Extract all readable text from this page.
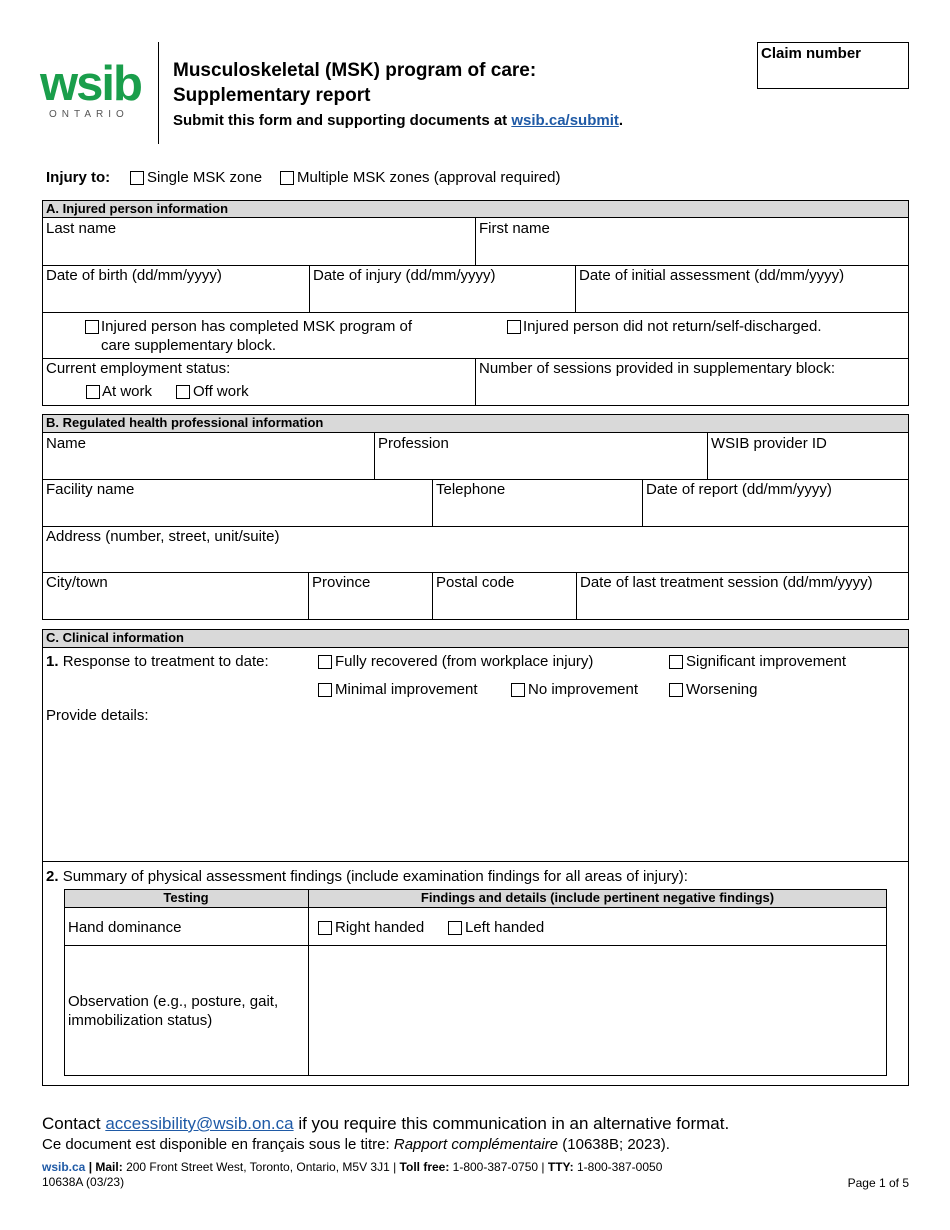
wsib
ONTARIO
Musculoskeletal (MSK) program of care:
Supplementary report
Submit this form and supporting documents at wsib.ca/submit.
Claim number
Injury to: Single MSK zone Multiple MSK zones (approval required)
A. Injured person information
Last name	First name
Date of birth (dd/mm/yyyy)	Date of injury (dd/mm/yyyy)	Date of initial assessment (dd/mm/yyyy)
Injured person has completed MSK program of
care supplementary block.
Injured person did not return/self-discharged.
Current employment status:
At work	Off work
Number of sessions provided in supplementary block:
B. Regulated health professional information
Name	Profession	WSIB provider ID
Facility name	Telephone	Date of report (dd/mm/yyyy)
Address (number, street, unit/suite)
City/town	Province	Postal code	Date of last treatment session (dd/mm/yyyy)
C. Clinical information
1. Response to treatment to date:	Fully recovered (from workplace injury)	Significant improvement
Minimal improvement	No improvement	Worsening
Provide details:
2. Summary of physical assessment findings (include examination findings for all areas of injury):
Testing	Findings and details (include pertinent negative findings)
Hand dominance	Right handed	Left handed
Observation (e.g., posture, gait,
immobilization status)
Contact accessibility@wsib.on.ca if you require this communication in an alternative format.
Ce document est disponible en français sous le titre: Rapport complémentaire (10638B; 2023).
wsib.ca | Mail: 200 Front Street West, Toronto, Ontario, M5V 3J1 | Toll free: 1-800-387-0750 | TTY: 1-800-387-0050
10638A (03/23)	Page 1 of 5
